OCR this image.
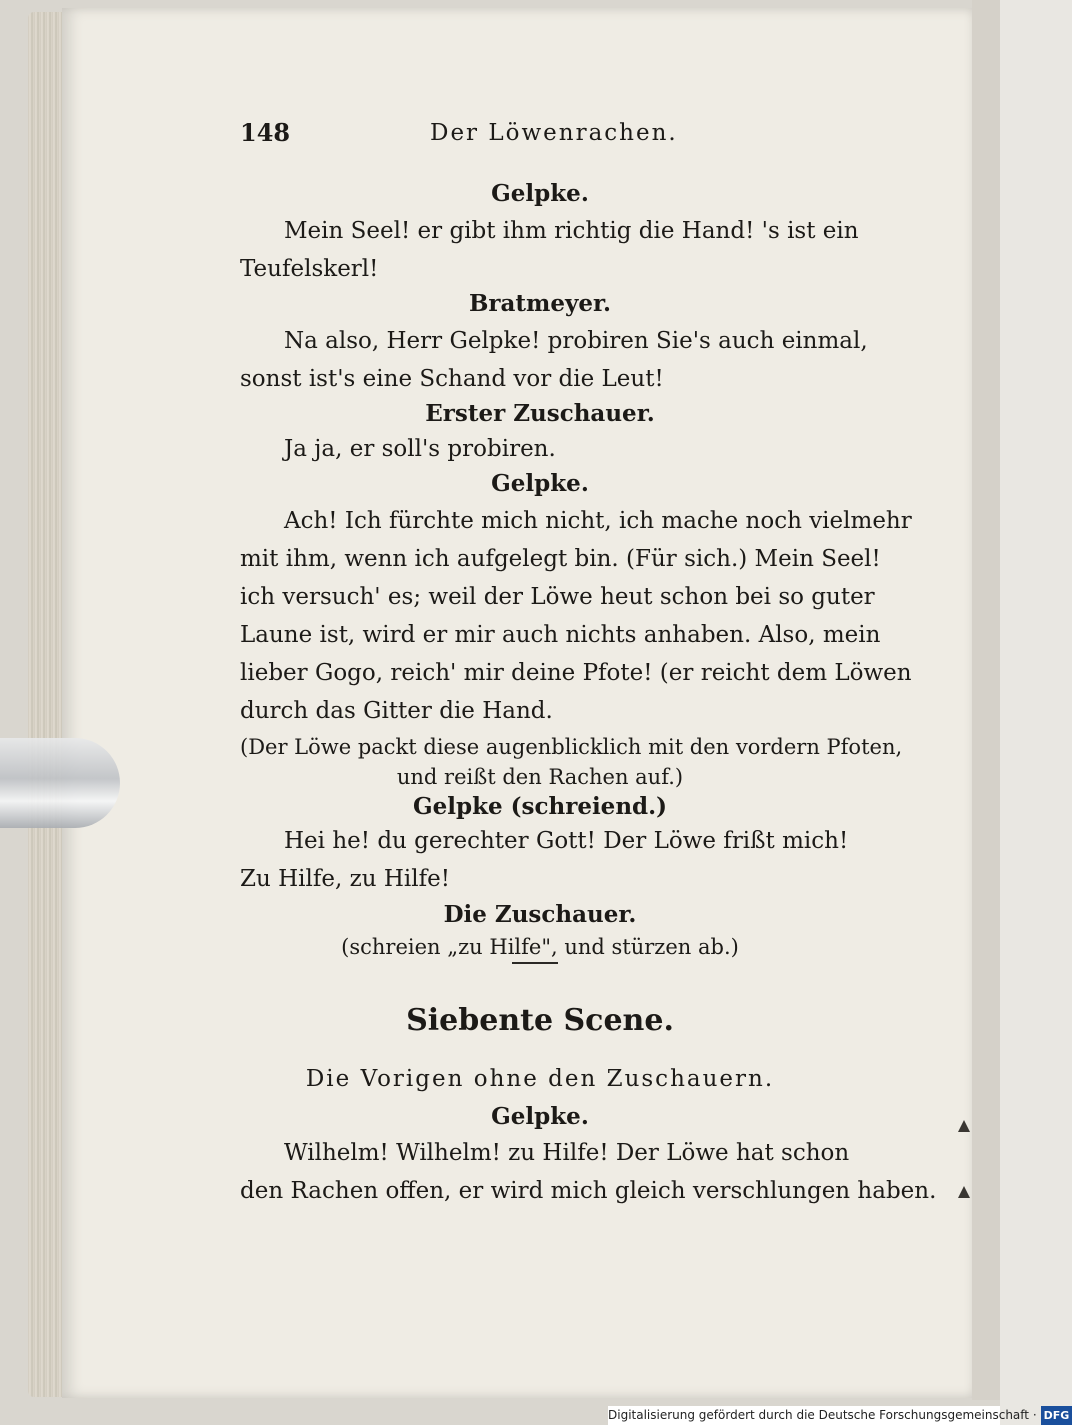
148	Der Löwenrachen.
Gelpke.
Mein Seel! er gibt ihm richtig die Hand! 's ist ein
Teufelskerl!
Bratmeyer.
Na also, Herr Gelpke! probiren Sie's auch einmal,
sonst ist's eine Schand vor die Leut!
Erster Zuschauer.
Ja ja, er soll's probiren.
Gelpke.
Ach! Ich fürchte mich nicht, ich mache noch vielmehr
mit ihm, wenn ich aufgelegt bin. (Für sich.) Mein Seel!
ich versuch' es; weil der Löwe heut schon bei so guter
Laune ist, wird er mir auch nichts anhaben. Also, mein
lieber Gogo, reich' mir deine Pfote! (er reicht dem Löwen
durch das Gitter die Hand.
(Der Löwe packt diese augenblicklich mit den vordern Pfoten,
und reißt den Rachen auf.)
Gelpke (schreiend.)
Hei he! du gerechter Gott! Der Löwe frißt mich!
Zu Hilfe, zu Hilfe!
Die Zuschauer.
(schreien „zu Hilfe", und stürzen ab.)
Siebente Scene.
Die Vorigen ohne den Zuschauern.
Gelpke.
Wilhelm! Wilhelm! zu Hilfe! Der Löwe hat schon
den Rachen offen, er wird mich gleich verschlungen haben.
Digitalisierung gefördert durch die Deutsche Forschungsgemeinschaft · DFG
